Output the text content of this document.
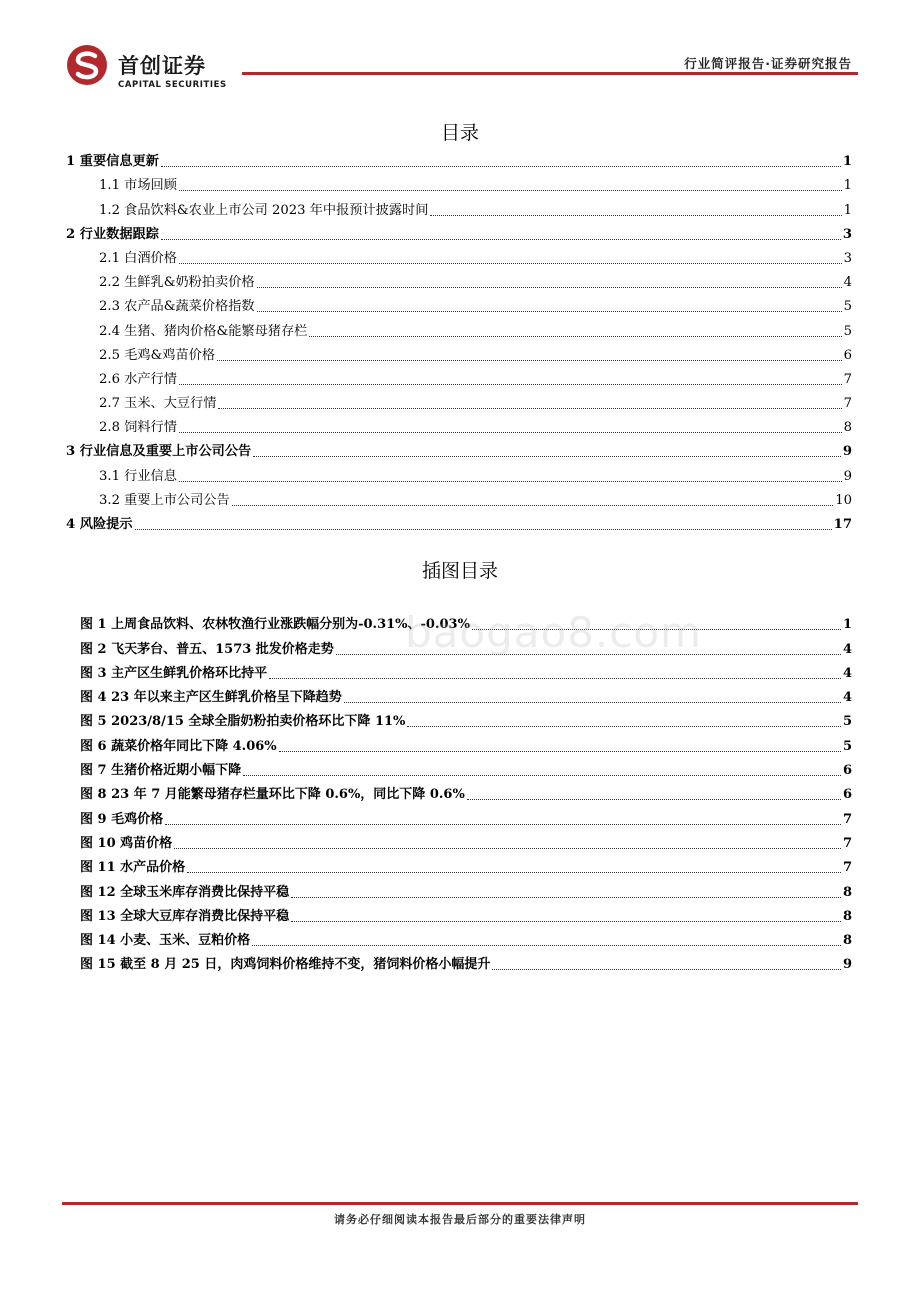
首创证券
CAPITAL SECURITIES
行业简评报告·证券研究报告
目录
1 重要信息更新	1
1.1 市场回顾	1
1.2 食品饮料&农业上市公司 2023 年中报预计披露时间	1
2 行业数据跟踪	3
2.1 白酒价格	3
2.2 生鲜乳&奶粉拍卖价格	4
2.3 农产品&蔬菜价格指数	5
2.4 生猪、猪肉价格&能繁母猪存栏	5
2.5 毛鸡&鸡苗价格	6
2.6 水产行情	7
2.7 玉米、大豆行情	7
2.8 饲料行情	8
3 行业信息及重要上市公司公告	9
3.1 行业信息	9
3.2 重要上市公司公告	10
4 风险提示	17
插图目录
图 1 上周食品饮料、农林牧渔行业涨跌幅分别为-0.31%、-0.03%	1
图 2 飞天茅台、普五、1573 批发价格走势	4
图 3 主产区生鲜乳价格环比持平	4
图 4 23 年以来主产区生鲜乳价格呈下降趋势	4
图 5 2023/8/15 全球全脂奶粉拍卖价格环比下降 11%	5
图 6 蔬菜价格年同比下降 4.06%	5
图 7 生猪价格近期小幅下降	6
图 8 23 年 7 月能繁母猪存栏量环比下降 0.6%，同比下降 0.6%	6
图 9 毛鸡价格	7
图 10 鸡苗价格	7
图 11 水产品价格	7
图 12 全球玉米库存消费比保持平稳	8
图 13 全球大豆库存消费比保持平稳	8
图 14 小麦、玉米、豆粕价格	8
图 15 截至 8 月 25 日，肉鸡饲料价格维持不变，猪饲料价格小幅提升	9
baogao8.com
请务必仔细阅读本报告最后部分的重要法律声明
